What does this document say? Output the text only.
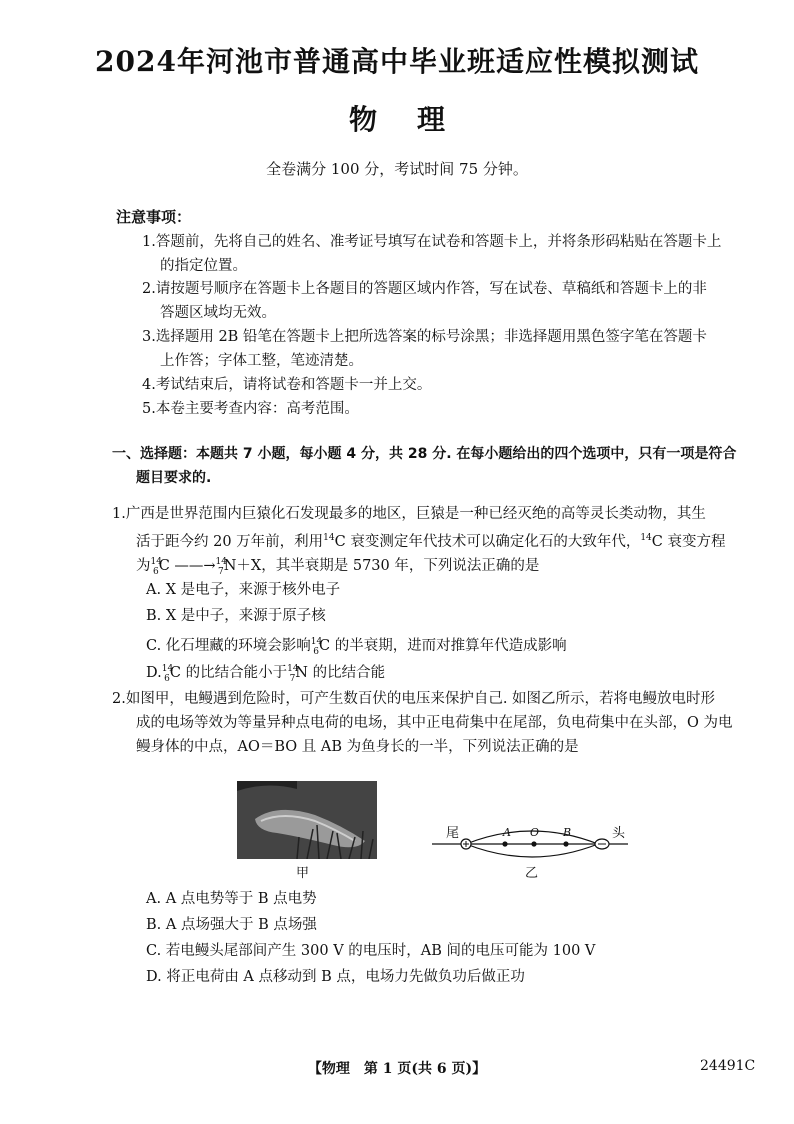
2024年河池市普通高中毕业班适应性模拟测试
物理
全卷满分 100 分，考试时间 75 分钟。
注意事项：
1.答题前，先将自己的姓名、准考证号填写在试卷和答题卡上，并将条形码粘贴在答题卡上
的指定位置。
2.请按题号顺序在答题卡上各题目的答题区域内作答，写在试卷、草稿纸和答题卡上的非
答题区域均无效。
3.选择题用 2B 铅笔在答题卡上把所选答案的标号涂黑；非选择题用黑色签字笔在答题卡
上作答；字体工整，笔迹清楚。
4.考试结束后，请将试卷和答题卡一并上交。
5.本卷主要考查内容：高考范围。
一、选择题：本题共 7 小题，每小题 4 分，共 28 分. 在每小题给出的四个选项中，只有一项是符合
题目要求的.
1.广西是世界范围内巨猿化石发现最多的地区，巨猿是一种已经灭绝的高等灵长类动物，其生
活于距今约 20 万年前，利用$^{14}$C 衰变测定年代技术可以确定化石的大致年代，$^{14}$C 衰变方程
为$^{14}_6$C ——→$^{14}_7$N＋X，其半衰期是 5730 年，下列说法正确的是
A. X 是电子，来源于核外电子
B. X 是中子，来源于原子核
C. 化石埋藏的环境会影响$^{14}_6$C 的半衰期，进而对推算年代造成影响
D.$^{14}_6$C 的比结合能小于$^{14}_7$N 的比结合能
2.如图甲，电鳗遇到危险时，可产生数百伏的电压来保护自己. 如图乙所示，若将电鳗放电时形
成的电场等效为等量异种点电荷的电场，其中正电荷集中在尾部，负电荷集中在头部，O 为电
鳗身体的中点，AO＝BO 且 AB 为鱼身长的一半，下列说法正确的是
甲
尾	头
A O B
乙
A. A 点电势等于 B 点电势
B. A 点场强大于 B 点场强
C. 若电鳗头尾部间产生 300 V 的电压时，AB 间的电压可能为 100 V
D. 将正电荷由 A 点移动到 B 点，电场力先做负功后做正功
【物理　第 1 页(共 6 页)】	24491C
